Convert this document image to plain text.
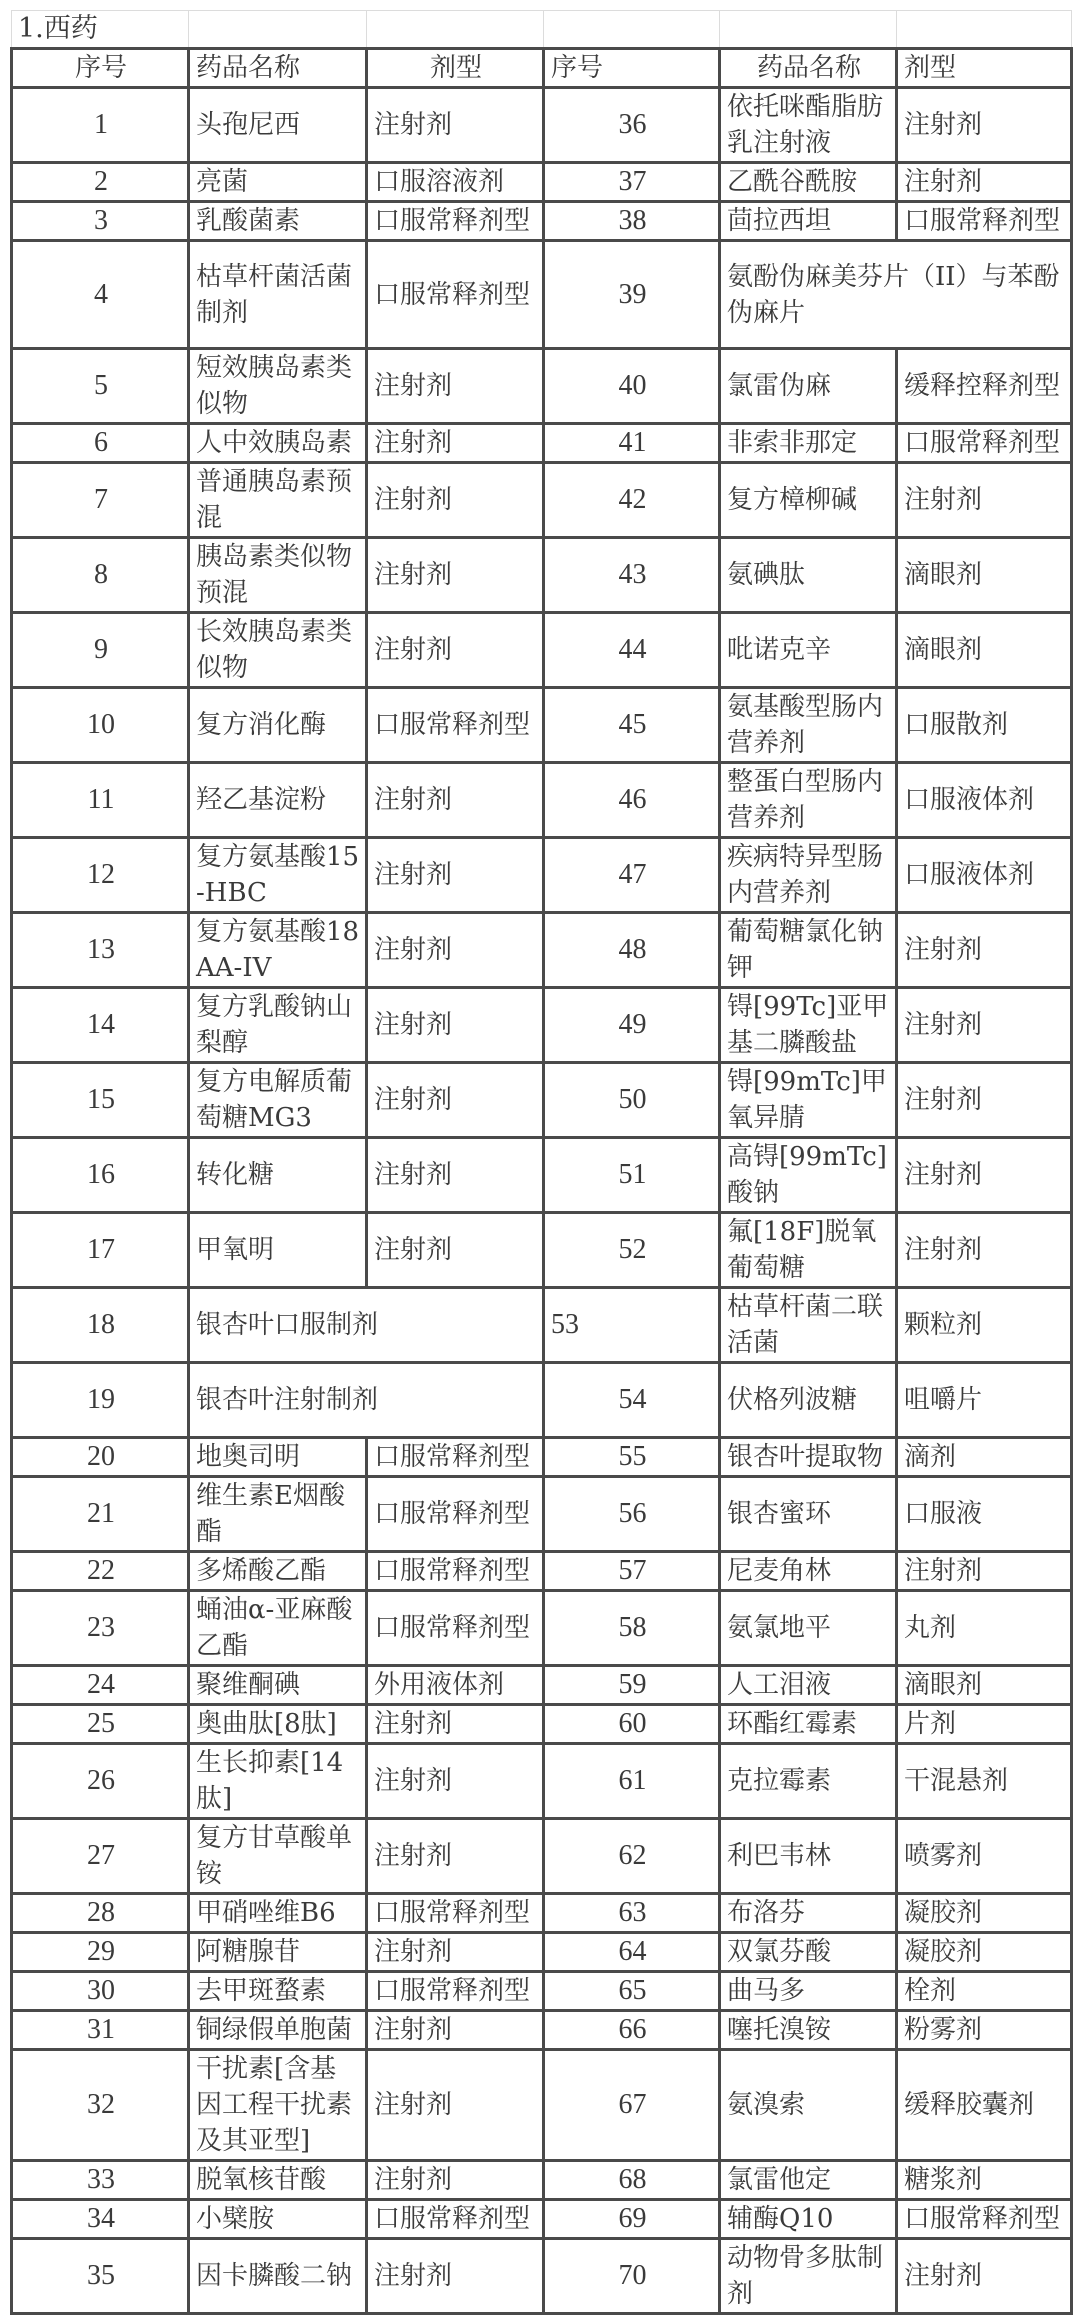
1.西药					
序号	药品名称	剂型	序号	药品名称	剂型
1	头孢尼西	注射剂	36	依托咪酯脂肪乳注射液	注射剂
2	亮菌	口服溶液剂	37	乙酰谷酰胺	注射剂
3	乳酸菌素	口服常释剂型	38	茴拉西坦	口服常释剂型
4	枯草杆菌活菌制剂	口服常释剂型	39	氨酚伪麻美芬片（II）与苯酚伪麻片	
5	短效胰岛素类似物	注射剂	40	氯雷伪麻	缓释控释剂型
6	人中效胰岛素	注射剂	41	非索非那定	口服常释剂型
7	普通胰岛素预混	注射剂	42	复方樟柳碱	注射剂
8	胰岛素类似物预混	注射剂	43	氨碘肽	滴眼剂
9	长效胰岛素类似物	注射剂	44	吡诺克辛	滴眼剂
10	复方消化酶	口服常释剂型	45	氨基酸型肠内营养剂	口服散剂
11	羟乙基淀粉	注射剂	46	整蛋白型肠内营养剂	口服液体剂
12	复方氨基酸15-HBC	注射剂	47	疾病特异型肠内营养剂	口服液体剂
13	复方氨基酸18AA-IV	注射剂	48	葡萄糖氯化钠钾	注射剂
14	复方乳酸钠山梨醇	注射剂	49	锝[99Tc]亚甲基二膦酸盐	注射剂
15	复方电解质葡萄糖MG3	注射剂	50	锝[99mTc]甲氧异腈	注射剂
16	转化糖	注射剂	51	高锝[99mTc]酸钠	注射剂
17	甲氧明	注射剂	52	氟[18F]脱氧葡萄糖	注射剂
18	银杏叶口服制剂		53	枯草杆菌二联活菌	颗粒剂
19	银杏叶注射制剂		54	伏格列波糖	咀嚼片
20	地奥司明	口服常释剂型	55	银杏叶提取物	滴剂
21	维生素E烟酸酯	口服常释剂型	56	银杏蜜环	口服液
22	多烯酸乙酯	口服常释剂型	57	尼麦角林	注射剂
23	蛹油α-亚麻酸乙酯	口服常释剂型	58	氨氯地平	丸剂
24	聚维酮碘	外用液体剂	59	人工泪液	滴眼剂
25	奥曲肽[8肽]	注射剂	60	环酯红霉素	片剂
26	生长抑素[14肽]	注射剂	61	克拉霉素	干混悬剂
27	复方甘草酸单铵	注射剂	62	利巴韦林	喷雾剂
28	甲硝唑维B6	口服常释剂型	63	布洛芬	凝胶剂
29	阿糖腺苷	注射剂	64	双氯芬酸	凝胶剂
30	去甲斑蝥素	口服常释剂型	65	曲马多	栓剂
31	铜绿假单胞菌	注射剂	66	噻托溴铵	粉雾剂
32	干扰素[含基因工程干扰素及其亚型]	注射剂	67	氨溴索	缓释胶囊剂
33	脱氧核苷酸	注射剂	68	氯雷他定	糖浆剂
34	小檗胺	口服常释剂型	69	辅酶Q10	口服常释剂型
35	因卡膦酸二钠	注射剂	70	动物骨多肽制剂	注射剂
